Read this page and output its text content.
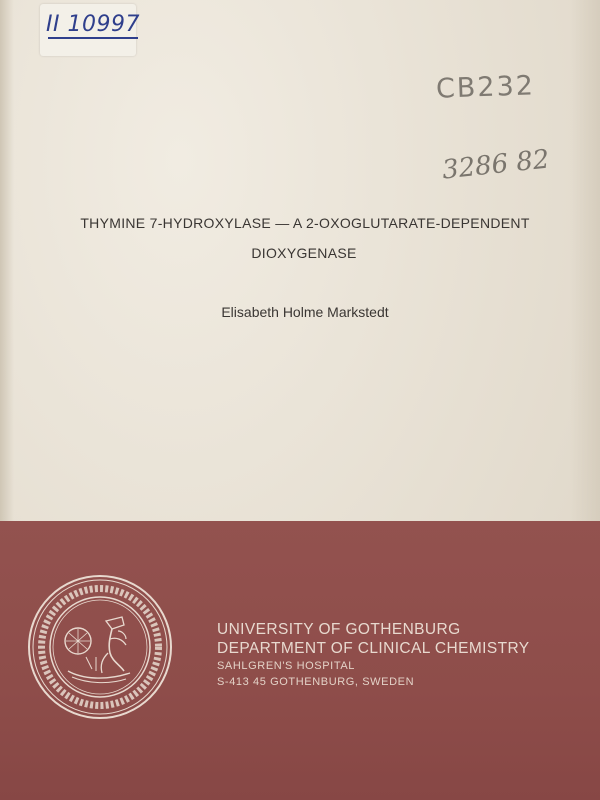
II 10997
CB232
3286 82
THYMINE 7-HYDROXYLASE — A 2-OXOGLUTARATE-DEPENDENT
DIOXYGENASE
Elisabeth Holme Markstedt
UNIVERSITY OF GOTHENBURG
DEPARTMENT OF CLINICAL CHEMISTRY
SAHLGREN'S HOSPITAL
S-413 45 GOTHENBURG, SWEDEN
